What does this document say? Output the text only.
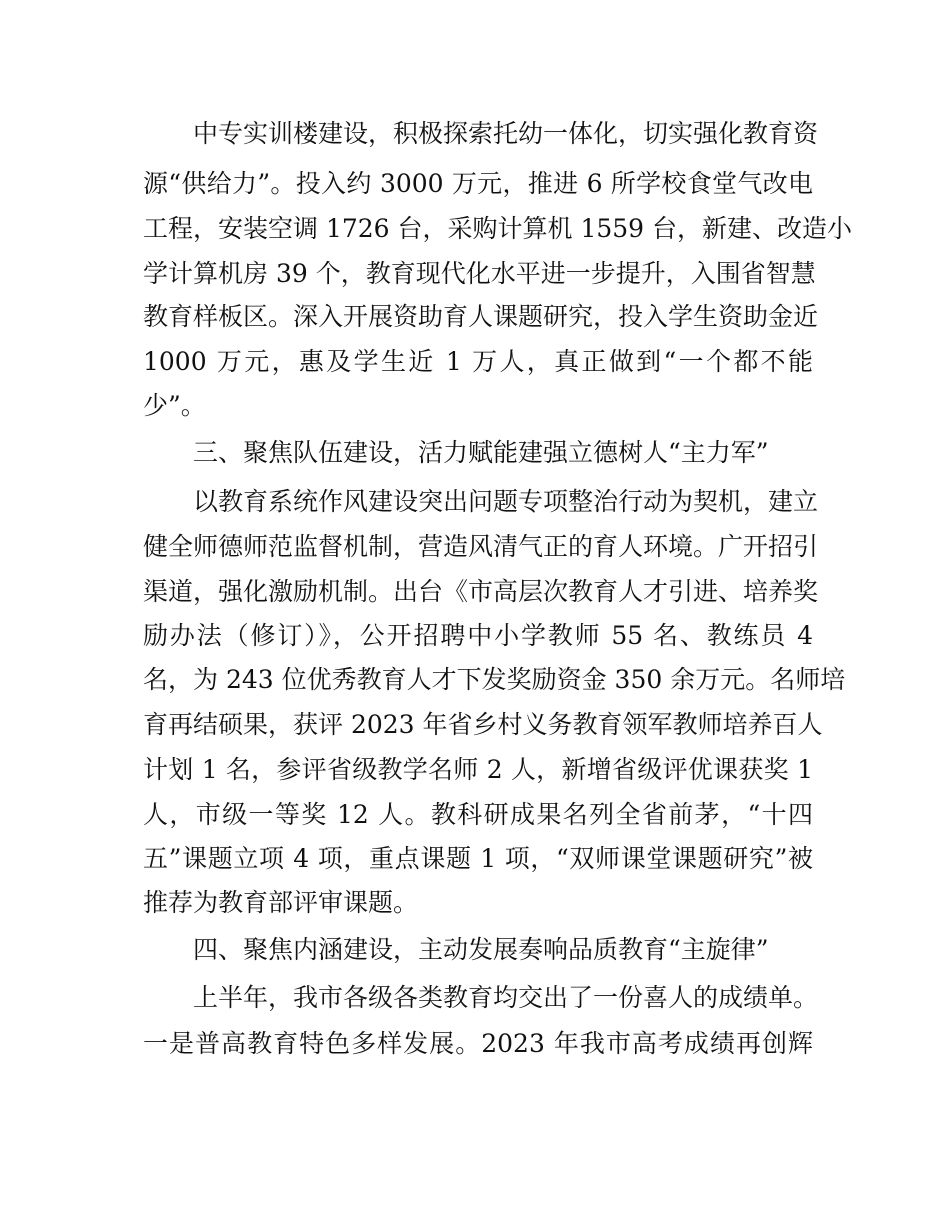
中专实训楼建设，积极探索托幼一体化，切实强化教育资
源“供给力”。投入约 3000 万元，推进 6 所学校食堂气改电
工程，安装空调 1726 台，采购计算机 1559 台，新建、改造小
学计算机房 39 个，教育现代化水平进一步提升，入围省智慧
教育样板区。深入开展资助育人课题研究，投入学生资助金近
1000 万元，惠及学生近 1 万人，真正做到“一个都不能
少”。
三、聚焦队伍建设，活力赋能建强立德树人“主力军”
以教育系统作风建设突出问题专项整治行动为契机，建立
健全师德师范监督机制，营造风清气正的育人环境。广开招引
渠道，强化激励机制。出台《市高层次教育人才引进、培养奖
励办法（修订）》，公开招聘中小学教师 55 名、教练员 4
名，为 243 位优秀教育人才下发奖励资金 350 余万元。名师培
育再结硕果，获评 2023 年省乡村义务教育领军教师培养百人
计划 1 名，参评省级教学名师 2 人，新增省级评优课获奖 1
人，市级一等奖 12 人。教科研成果名列全省前茅，“十四
五”课题立项 4 项，重点课题 1 项，“双师课堂课题研究”被
推荐为教育部评审课题。
四、聚焦内涵建设，主动发展奏响品质教育“主旋律”
上半年，我市各级各类教育均交出了一份喜人的成绩单。
一是普高教育特色多样发展。2023 年我市高考成绩再创辉
